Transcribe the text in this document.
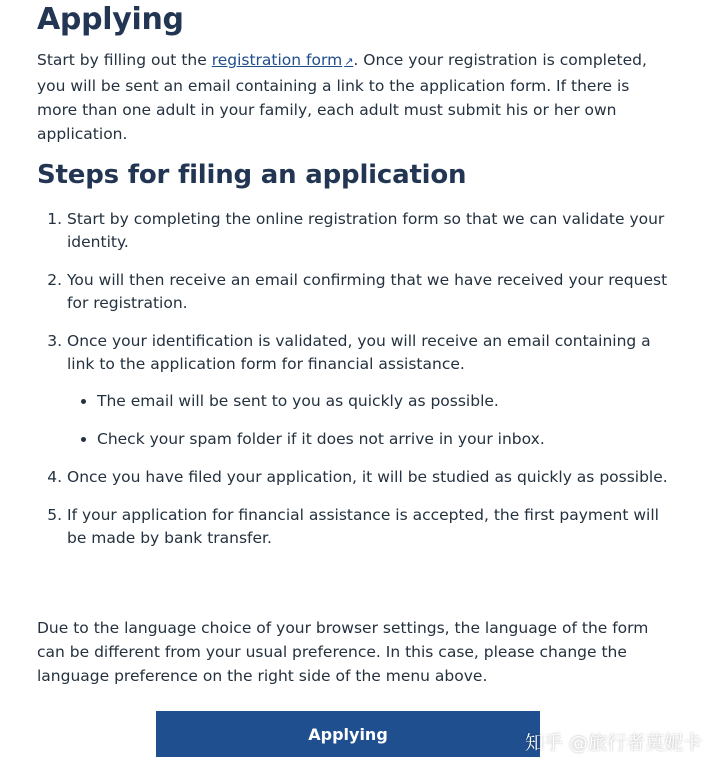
Applying

Start by filling out the registration form ↗. Once your registration is completed, you will be sent an email containing a link to the application form. If there is more than one adult in your family, each adult must submit his or her own application.

Steps for filing an application
1. Start by completing the online registration form so that we can validate your identity.
2. You will then receive an email confirming that we have received your request for registration.
3. Once your identification is validated, you will receive an email containing a link to the application form for financial assistance.
• The email will be sent to you as quickly as possible.
• Check your spam folder if it does not arrive in your inbox.
4. Once you have filed your application, it will be studied as quickly as possible.
5. If your application for financial assistance is accepted, the first payment will be made by bank transfer.

Due to the language choice of your browser settings, the language of the form can be different from your usual preference. In this case, please change the language preference on the right side of the menu above.

Applying	知乎 @旅行者莫妮卡
